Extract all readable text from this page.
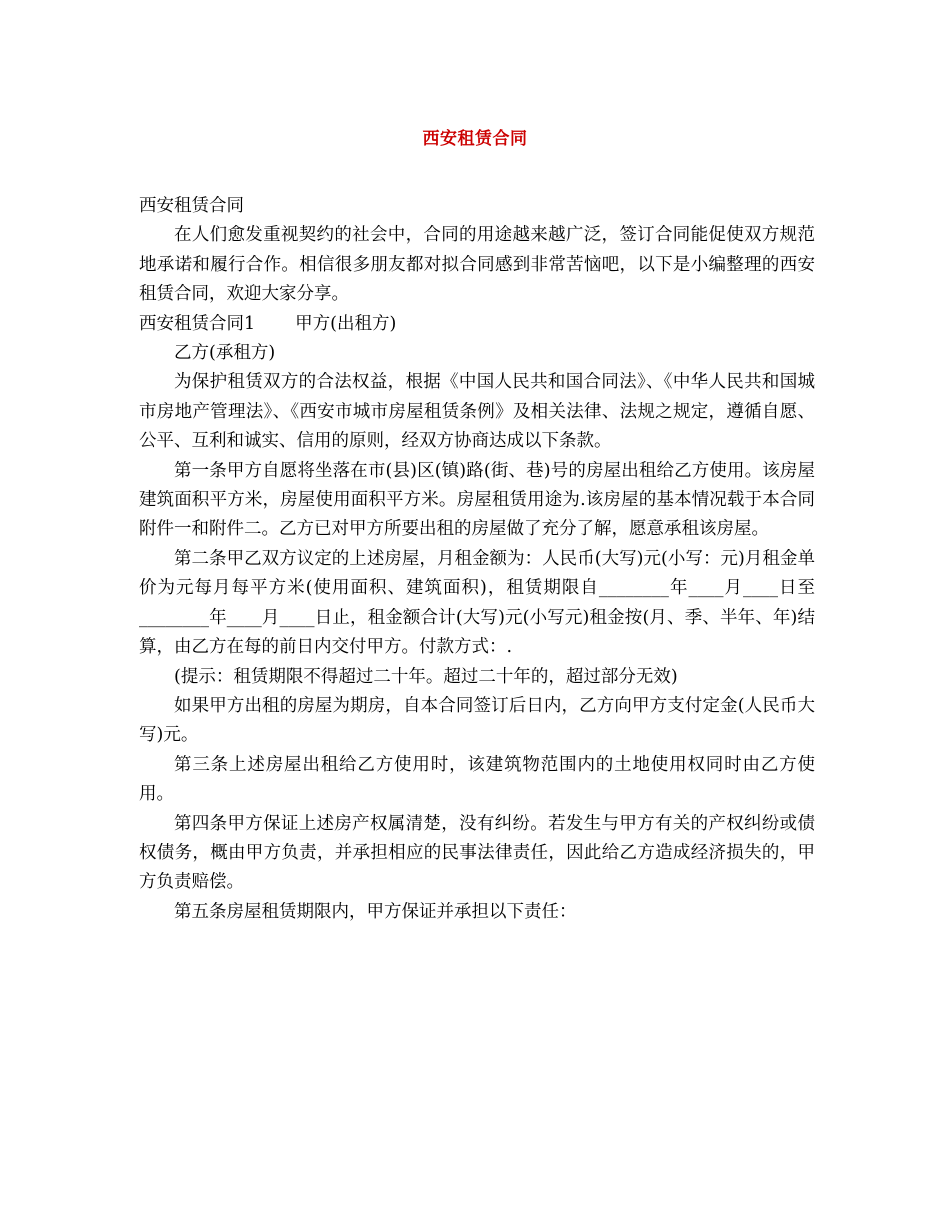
西安租赁合同

西安租赁合同

在人们愈发重视契约的社会中，合同的用途越来越广泛，签订合同能促使双方规范地承诺和履行合作。相信很多朋友都对拟合同感到非常苦恼吧，以下是小编整理的西安租赁合同，欢迎大家分享。

西安租赁合同1 甲方(出租方)

乙方(承租方)

为保护租赁双方的合法权益，根据《中国人民共和国合同法》、《中华人民共和国城市房地产管理法》、《西安市城市房屋租赁条例》及相关法律、法规之规定，遵循自愿、公平、互利和诚实、信用的原则，经双方协商达成以下条款。

第一条甲方自愿将坐落在市(县)区(镇)路(街、巷)号的房屋出租给乙方使用。该房屋建筑面积平方米，房屋使用面积平方米。房屋租赁用途为.该房屋的基本情况载于本合同附件一和附件二。乙方已对甲方所要出租的房屋做了充分了解，愿意承租该房屋。

第二条甲乙双方议定的上述房屋，月租金额为：人民币(大写)元(小写：元)月租金单价为元每月每平方米(使用面积、建筑面积)，租赁期限自________年____月____日至________年____月____日止，租金额合计(大写)元(小写元)租金按(月、季、半年、年)结算，由乙方在每的前日内交付甲方。付款方式：.

(提示：租赁期限不得超过二十年。超过二十年的，超过部分无效)

如果甲方出租的房屋为期房，自本合同签订后日内，乙方向甲方支付定金(人民币大写)元。

第三条上述房屋出租给乙方使用时，该建筑物范围内的土地使用权同时由乙方使用。

第四条甲方保证上述房产权属清楚，没有纠纷。若发生与甲方有关的产权纠纷或债权债务，概由甲方负责，并承担相应的民事法律责任，因此给乙方造成经济损失的，甲方负责赔偿。

第五条房屋租赁期限内，甲方保证并承担以下责任：
